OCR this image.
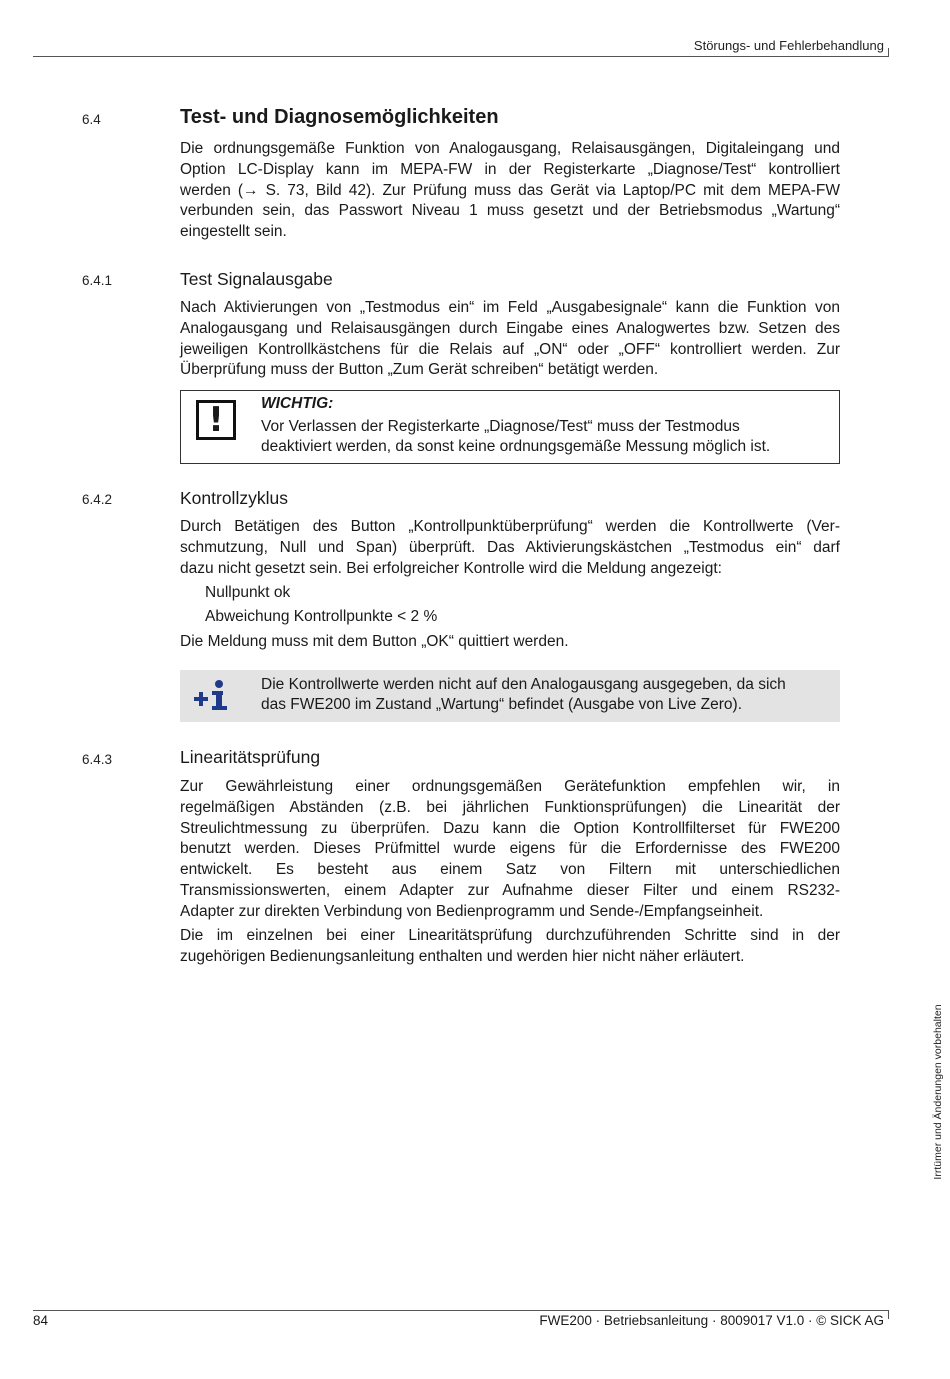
Störungs- und Fehlerbehandlung
6.4	Test- und Diagnosemöglichkeiten
Die ordnungsgemäße Funktion von Analogausgang, Relaisausgängen, Digitaleingang und
Option LC-Display kann im MEPA-FW in der Registerkarte „Diagnose/Test“ kontrolliert
werden (→ S. 73, Bild 42). Zur Prüfung muss das Gerät via Laptop/PC mit dem MEPA-FW
verbunden sein, das Passwort Niveau 1 muss gesetzt und der Betriebsmodus „Wartung“
eingestellt sein.
6.4.1	Test Signalausgabe
Nach Aktivierungen von „Testmodus ein“ im Feld „Ausgabesignale“ kann die Funktion von
Analogausgang und Relaisausgängen durch Eingabe eines Analogwertes bzw. Setzen des
jeweiligen Kontrollkästchens für die Relais auf „ON“ oder „OFF“ kontrolliert werden. Zur
Überprüfung muss der Button „Zum Gerät schreiben“ betätigt werden.
!	WICHTIG:
Vor Verlassen der Registerkarte „Diagnose/Test“ muss der Testmodus
deaktiviert werden, da sonst keine ordnungsgemäße Messung möglich ist.
6.4.2	Kontrollzyklus
Durch Betätigen des Button „Kontrollpunktüberprüfung“ werden die Kontrollwerte (Ver-
schmutzung, Null und Span) überprüft. Das Aktivierungskästchen „Testmodus ein“ darf
dazu nicht gesetzt sein. Bei erfolgreicher Kontrolle wird die Meldung angezeigt:
Nullpunkt ok
Abweichung Kontrollpunkte < 2 %
Die Meldung muss mit dem Button „OK“ quittiert werden.
Die Kontrollwerte werden nicht auf den Analogausgang ausgegeben, da sich
das FWE200 im Zustand „Wartung“ befindet (Ausgabe von Live Zero).
6.4.3	Linearitätsprüfung
Zur Gewährleistung einer ordnungsgemäßen Gerätefunktion empfehlen wir, in
regelmäßigen Abständen (z.B. bei jährlichen Funktionsprüfungen) die Linearität der
Streulichtmessung zu überprüfen. Dazu kann die Option Kontrollfilterset für FWE200
benutzt werden. Dieses Prüfmittel wurde eigens für die Erfordernisse des FWE200
entwickelt. Es besteht aus einem Satz von Filtern mit unterschiedlichen
Transmissionswerten, einem Adapter zur Aufnahme dieser Filter und einem RS232-
Adapter zur direkten Verbindung von Bedienprogramm und Sende-/Empfangseinheit.
Die im einzelnen bei einer Linearitätsprüfung durchzuführenden Schritte sind in der
zugehörigen Bedienungsanleitung enthalten und werden hier nicht näher erläutert.
Irrtümer und Änderungen vorbehalten
84	FWE200 · Betriebsanleitung · 8009017 V1.0 · © SICK AG
